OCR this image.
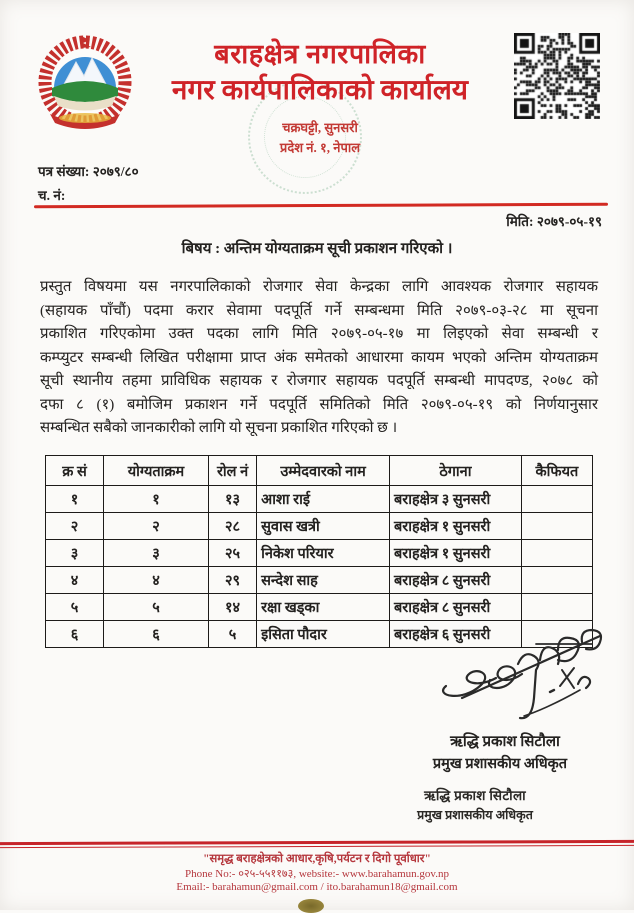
बराहक्षेत्र नगरपालिका
नगर कार्यपालिकाको कार्यालय
चक्रघट्टी, सुनसरी
प्रदेश नं. १, नेपाल
पत्र संख्या: २०७९/८०
च. नं:
मिति: २०७९-०५-१९
बिषय : अन्तिम योग्यताक्रम सूची प्रकाशन गरिएको ।
प्रस्तुत विषयमा यस नगरपालिकाको रोजगार सेवा केन्द्रका लागि आवश्यक रोजगार सहायक
(सहायक पाँचौं) पदमा करार सेवामा पदपूर्ति गर्ने सम्बन्धमा मिति २०७९-०३-२८ मा सूचना
प्रकाशित गरिएकोमा उक्त पदका लागि मिति २०७९-०५-१७ मा लिइएको सेवा सम्बन्धी र
कम्प्युटर सम्बन्धी लिखित परीक्षामा प्राप्त अंक समेतको आधारमा कायम भएको अन्तिम योग्यताक्रम
सूची स्थानीय तहमा प्राविधिक सहायक र रोजगार सहायक पदपूर्ति सम्बन्धी मापदण्ड, २०७८ को
दफा ८ (१) बमोजिम प्रकाशन गर्ने पदपूर्ति समितिको मिति २०७९-०५-१९ को निर्णयानुसार
सम्बन्धित सबैको जानकारीको लागि यो सूचना प्रकाशित गरिएको छ ।
क्र सं	योग्यताक्रम	रोल नं	उम्मेदवारको नाम	ठेगाना	कैफियत
१	१	१३	आशा राई	बराहक्षेत्र ३ सुनसरी	
२	२	२८	सुवास खत्री	बराहक्षेत्र १ सुनसरी	
३	३	२५	निकेश परियार	बराहक्षेत्र १ सुनसरी	
४	४	२९	सन्देश साह	बराहक्षेत्र ८ सुनसरी	
५	५	१४	रक्षा खड्का	बराहक्षेत्र ८ सुनसरी	
६	६	५	इसिता पौदार	बराहक्षेत्र ६ सुनसरी	
ऋद्धि प्रकाश सिटौला
प्रमुख प्रशासकीय अधिकृत
ऋद्धि प्रकाश सिटौला
प्रमुख प्रशासकीय अधिकृत
"समृद्ध बराहक्षेत्रको आधार,कृषि,पर्यटन र दिगो पूर्वाधार"
Phone No:- ०२५-५५११७३, website:- www.barahamun.gov.np
Email:- barahamun@gmail.com / ito.barahamun18@gmail.com
